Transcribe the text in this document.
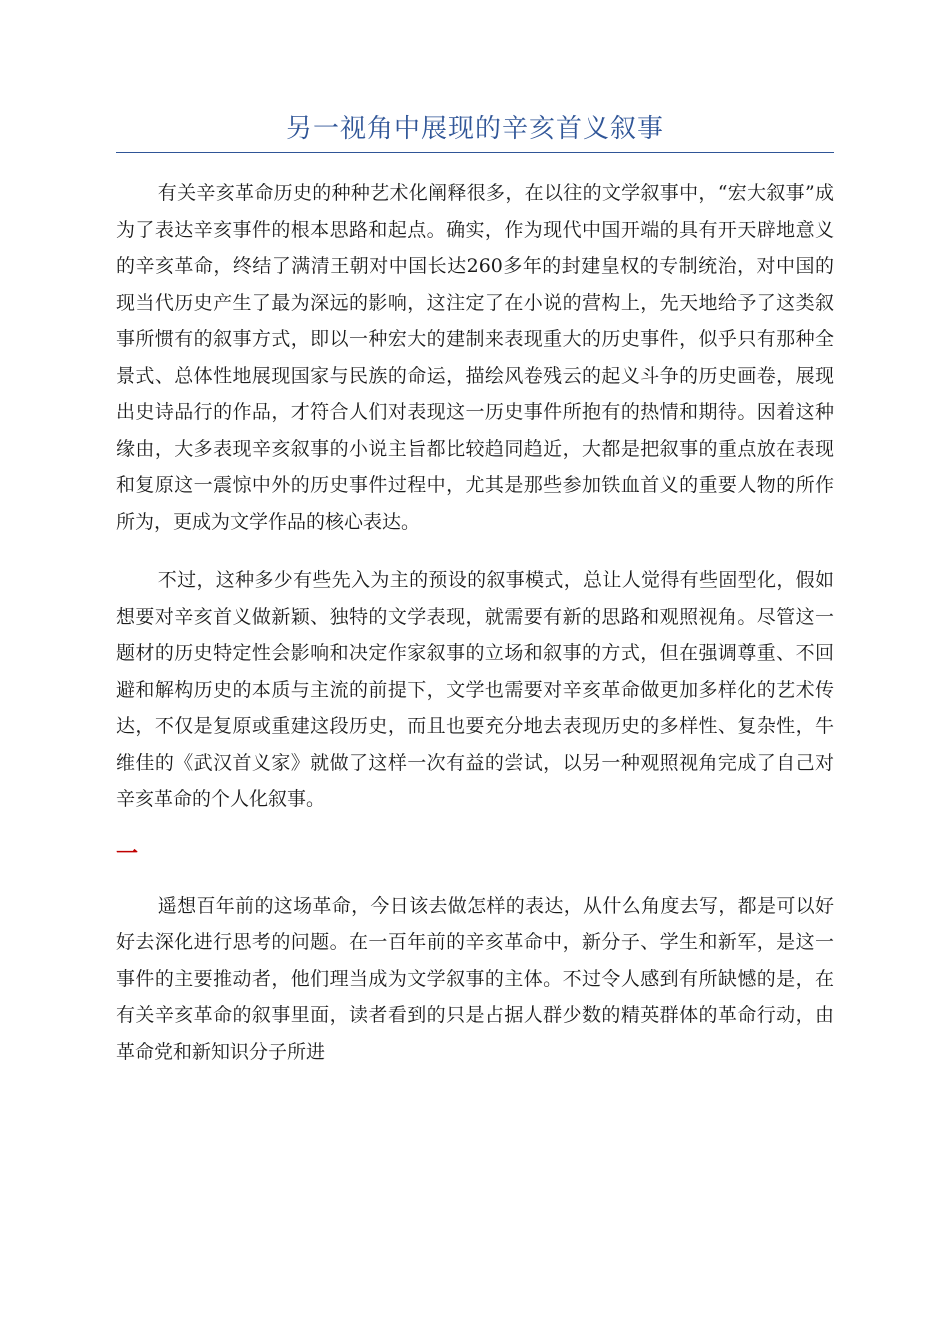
另一视角中展现的辛亥首义叙事

有关辛亥革命历史的种种艺术化阐释很多，在以往的文学叙事中，“宏大叙事”成为了表达辛亥事件的根本思路和起点。确实，作为现代中国开端的具有开天辟地意义的辛亥革命，终结了满清王朝对中国长达260多年的封建皇权的专制统治，对中国的现当代历史产生了最为深远的影响，这注定了在小说的营构上，先天地给予了这类叙事所惯有的叙事方式，即以一种宏大的建制来表现重大的历史事件，似乎只有那种全景式、总体性地展现国家与民族的命运，描绘风卷残云的起义斗争的历史画卷，展现出史诗品行的作品，才符合人们对表现这一历史事件所抱有的热情和期待。因着这种缘由，大多表现辛亥叙事的小说主旨都比较趋同趋近，大都是把叙事的重点放在表现和复原这一震惊中外的历史事件过程中，尤其是那些参加铁血首义的重要人物的所作所为，更成为文学作品的核心表达。

不过，这种多少有些先入为主的预设的叙事模式，总让人觉得有些固型化，假如想要对辛亥首义做新颖、独特的文学表现，就需要有新的思路和观照视角。尽管这一题材的历史特定性会影响和决定作家叙事的立场和叙事的方式，但在强调尊重、不回避和解构历史的本质与主流的前提下，文学也需要对辛亥革命做更加多样化的艺术传达，不仅是复原或重建这段历史，而且也要充分地去表现历史的多样性、复杂性，牛维佳的《武汉首义家》就做了这样一次有益的尝试，以另一种观照视角完成了自己对辛亥革命的个人化叙事。

一

遥想百年前的这场革命，今日该去做怎样的表达，从什么角度去写，都是可以好好去深化进行思考的问题。在一百年前的辛亥革命中，新分子、学生和新军，是这一事件的主要推动者，他们理当成为文学叙事的主体。不过令人感到有所缺憾的是，在有关辛亥革命的叙事里面，读者看到的只是占据人群少数的精英群体的革命行动，由革命党和新知识分子所进
